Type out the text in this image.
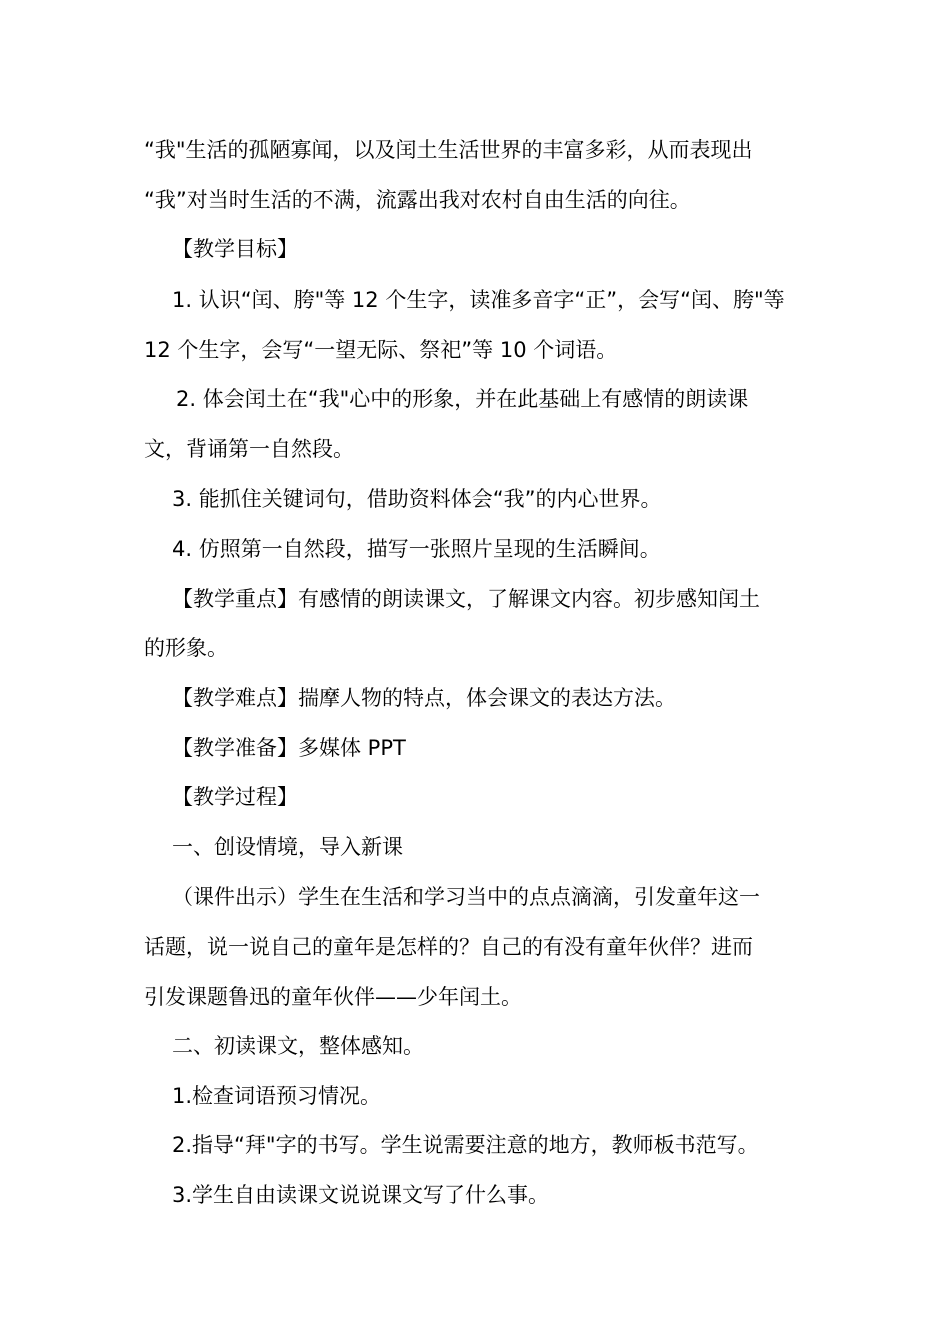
“我"生活的孤陋寡闻，以及闰土生活世界的丰富多彩，从而表现出
“我”对当时生活的不满，流露出我对农村自由生活的向往。
【教学目标】
1. 认识“闰、胯"等 12 个生字，读准多音字“正”，会写“闰、胯"等
12 个生字，会写“一望无际、祭祀”等 10 个词语。
2. 体会闰土在“我"心中的形象，并在此基础上有感情的朗读课
文，背诵第一自然段。
3. 能抓住关键词句，借助资料体会“我”的内心世界。
4. 仿照第一自然段，描写一张照片呈现的生活瞬间。
【教学重点】有感情的朗读课文，了解课文内容。初步感知闰土
的形象。
【教学难点】揣摩人物的特点，体会课文的表达方法。
【教学准备】多媒体 PPT
【教学过程】
一、创设情境，导入新课
（课件出示）学生在生活和学习当中的点点滴滴，引发童年这一
话题，说一说自己的童年是怎样的？自己的有没有童年伙伴？进而
引发课题鲁迅的童年伙伴——少年闰土。
二、初读课文，整体感知。
1.检查词语预习情况。
2.指导“拜"字的书写。学生说需要注意的地方，教师板书范写。
3.学生自由读课文说说课文写了什么事。
